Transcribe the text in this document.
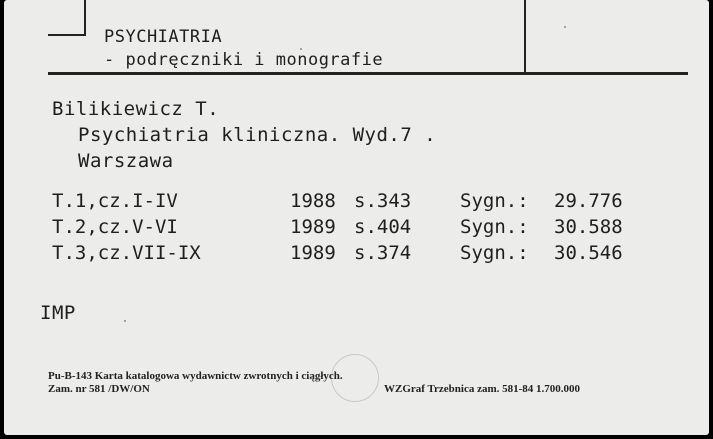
PSYCHIATRIA
- podręczniki i monografie
Bilikiewicz T.
Psychiatria kliniczna. Wyd.7 .
Warszawa
T.1,cz.I-IV	1988 s.343	Sygn.: 29.776
T.2,cz.V-VI	1989 s.404	Sygn.: 30.588
T.3,cz.VII-IX	1989 s.374	Sygn.: 30.546
IMP
Pu-B-143 Karta katalogowa wydawnictw zwrotnych i ciągłych.
Zam. nr 581 /DW/ON	WZGraf Trzebnica zam. 581-84 1.700.000
